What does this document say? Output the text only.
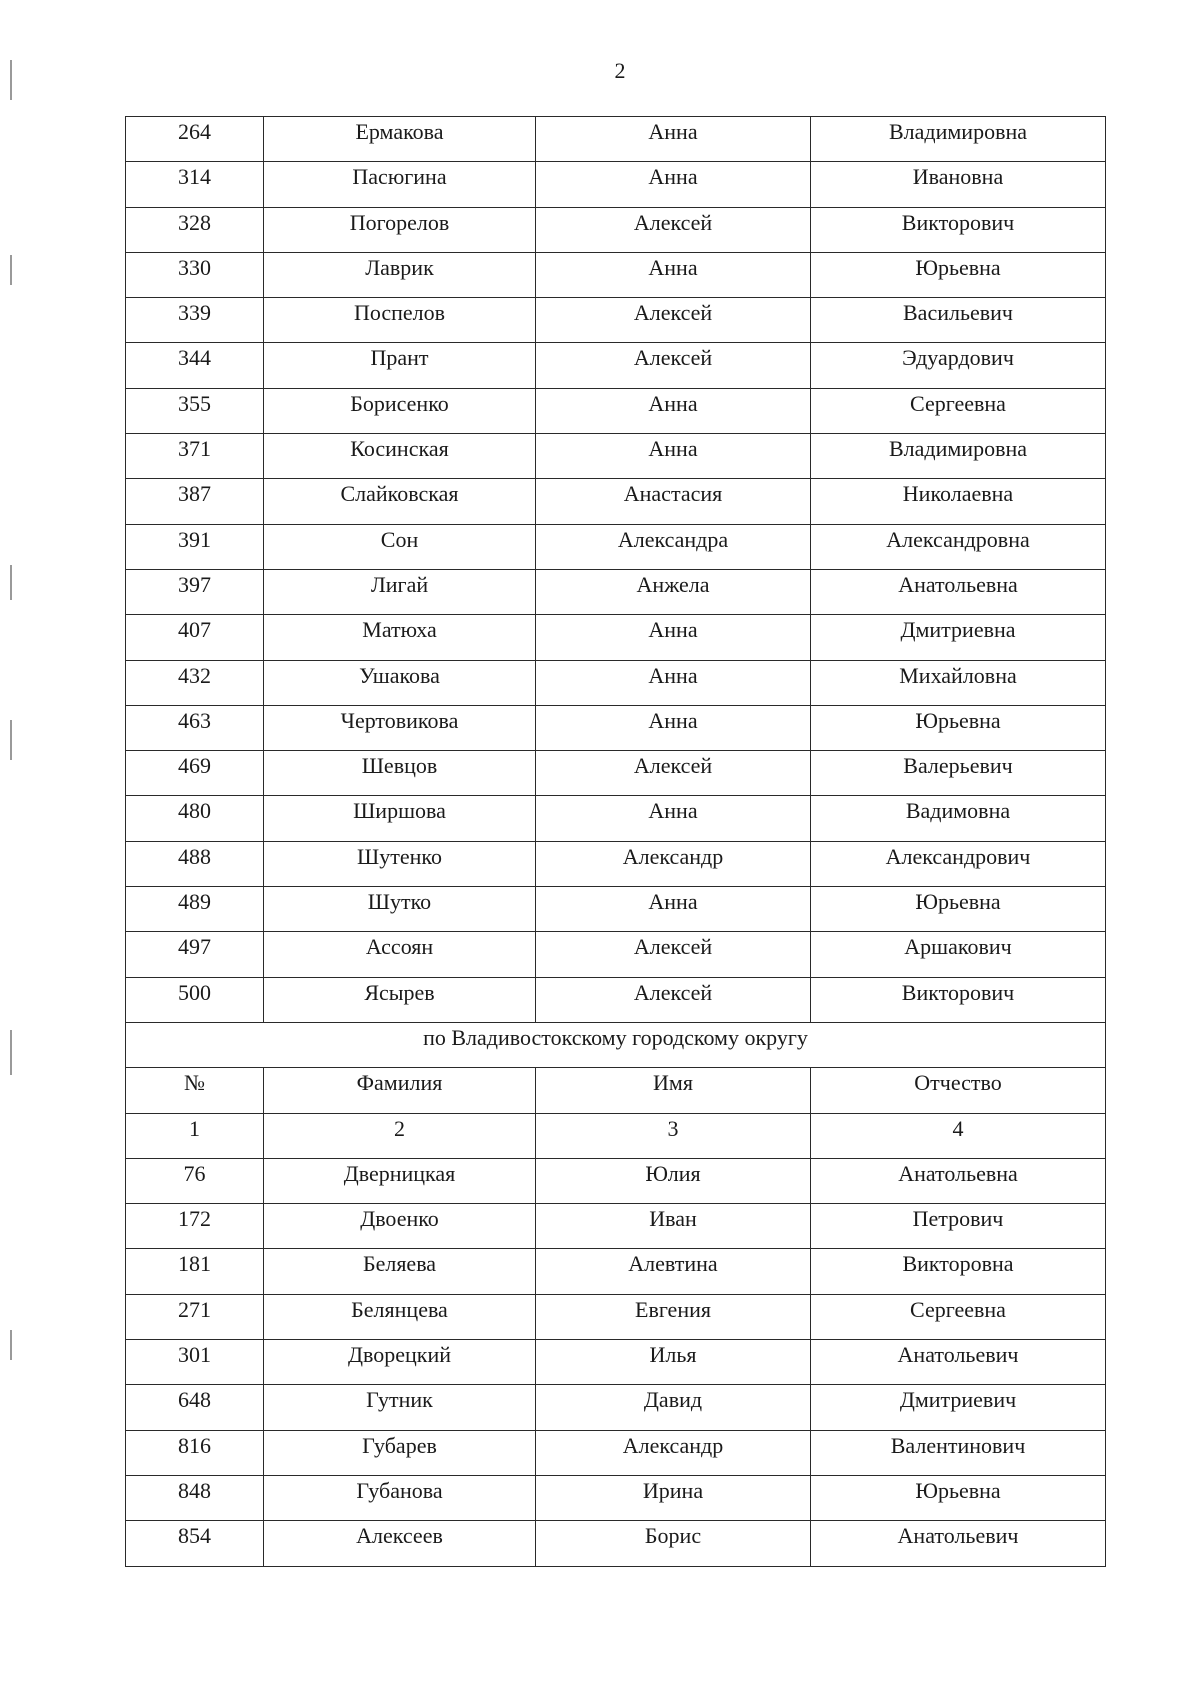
2
264	Ермакова	Анна	Владимировна
314	Пасюгина	Анна	Ивановна
328	Погорелов	Алексей	Викторович
330	Лаврик	Анна	Юрьевна
339	Поспелов	Алексей	Васильевич
344	Прант	Алексей	Эдуардович
355	Борисенко	Анна	Сергеевна
371	Косинская	Анна	Владимировна
387	Слайковская	Анастасия	Николаевна
391	Сон	Александра	Александровна
397	Лигай	Анжела	Анатольевна
407	Матюха	Анна	Дмитриевна
432	Ушакова	Анна	Михайловна
463	Чертовикова	Анна	Юрьевна
469	Шевцов	Алексей	Валерьевич
480	Ширшова	Анна	Вадимовна
488	Шутенко	Александр	Александрович
489	Шутко	Анна	Юрьевна
497	Ассоян	Алексей	Аршакович
500	Ясырев	Алексей	Викторович
по Владивостокскому городскому округу			
№	Фамилия	Имя	Отчество
1	2	3	4
76	Дверницкая	Юлия	Анатольевна
172	Двоенко	Иван	Петрович
181	Беляева	Алевтина	Викторовна
271	Белянцева	Евгения	Сергеевна
301	Дворецкий	Илья	Анатольевич
648	Гутник	Давид	Дмитриевич
816	Губарев	Александр	Валентинович
848	Губанова	Ирина	Юрьевна
854	Алексеев	Борис	Анатольевич
